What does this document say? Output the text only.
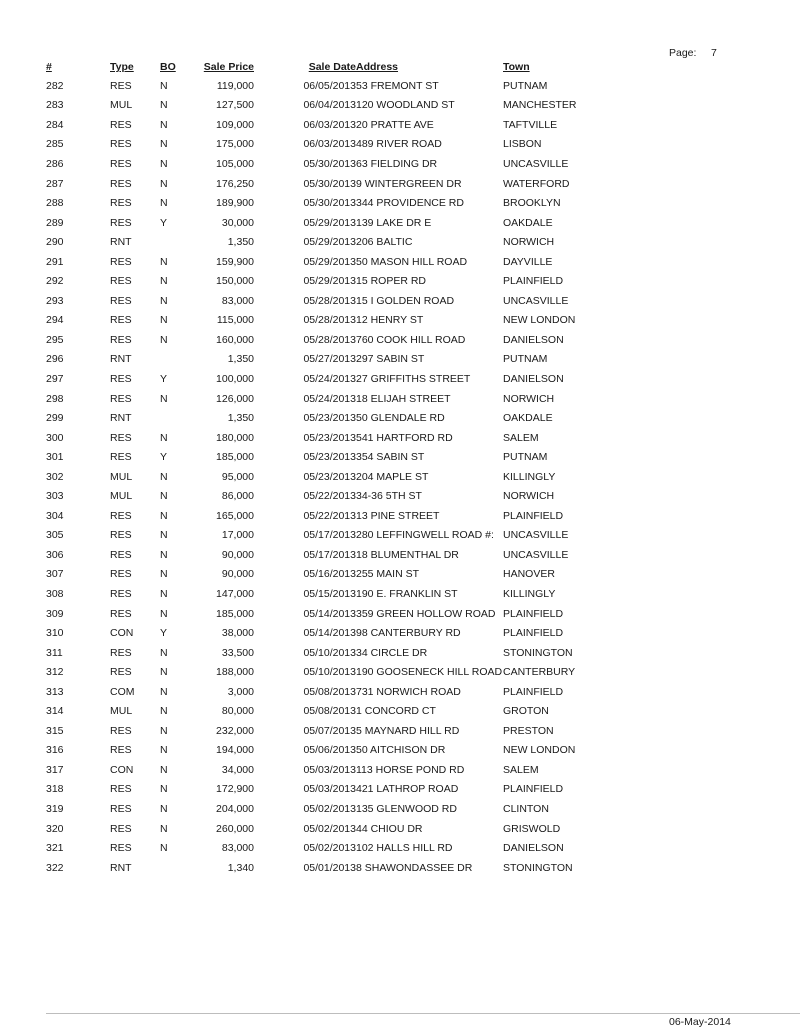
Page: 7
#	Type	BO	Sale Price	Sale Date	Address	Town
282	RES	N	119,000	06/05/2013	53 FREMONT ST	PUTNAM
283	MUL	N	127,500	06/04/2013	120 WOODLAND ST	MANCHESTER
284	RES	N	109,000	06/03/2013	20 PRATTE AVE	TAFTVILLE
285	RES	N	175,000	06/03/2013	489 RIVER ROAD	LISBON
286	RES	N	105,000	05/30/2013	63 FIELDING DR	UNCASVILLE
287	RES	N	176,250	05/30/2013	9 WINTERGREEN DR	WATERFORD
288	RES	N	189,900	05/30/2013	344 PROVIDENCE RD	BROOKLYN
289	RES	Y	30,000	05/29/2013	139 LAKE DR E	OAKDALE
290	RNT		1,350	05/29/2013	206 BALTIC	NORWICH
291	RES	N	159,900	05/29/2013	50 MASON HILL ROAD	DAYVILLE
292	RES	N	150,000	05/29/2013	15 ROPER RD	PLAINFIELD
293	RES	N	83,000	05/28/2013	15 I GOLDEN ROAD	UNCASVILLE
294	RES	N	115,000	05/28/2013	12 HENRY ST	NEW LONDON
295	RES	N	160,000	05/28/2013	760 COOK HILL ROAD	DANIELSON
296	RNT		1,350	05/27/2013	297 SABIN ST	PUTNAM
297	RES	Y	100,000	05/24/2013	27 GRIFFITHS STREET	DANIELSON
298	RES	N	126,000	05/24/2013	18 ELIJAH STREET	NORWICH
299	RNT		1,350	05/23/2013	50 GLENDALE RD	OAKDALE
300	RES	N	180,000	05/23/2013	541 HARTFORD RD	SALEM
301	RES	Y	185,000	05/23/2013	354 SABIN ST	PUTNAM
302	MUL	N	95,000	05/23/2013	204 MAPLE ST	KILLINGLY
303	MUL	N	86,000	05/22/2013	34-36 5TH ST	NORWICH
304	RES	N	165,000	05/22/2013	13 PINE STREET	PLAINFIELD
305	RES	N	17,000	05/17/2013	280 LEFFINGWELL ROAD #:	UNCASVILLE
306	RES	N	90,000	05/17/2013	18 BLUMENTHAL DR	UNCASVILLE
307	RES	N	90,000	05/16/2013	255 MAIN ST	HANOVER
308	RES	N	147,000	05/15/2013	190 E. FRANKLIN ST	KILLINGLY
309	RES	N	185,000	05/14/2013	359 GREEN HOLLOW ROAD	PLAINFIELD
310	CON	Y	38,000	05/14/2013	98 CANTERBURY RD	PLAINFIELD
311	RES	N	33,500	05/10/2013	34 CIRCLE DR	STONINGTON
312	RES	N	188,000	05/10/2013	190 GOOSENECK HILL ROAD	CANTERBURY
313	COM	N	3,000	05/08/2013	731 NORWICH ROAD	PLAINFIELD
314	MUL	N	80,000	05/08/2013	1 CONCORD CT	GROTON
315	RES	N	232,000	05/07/2013	5 MAYNARD HILL RD	PRESTON
316	RES	N	194,000	05/06/2013	50 AITCHISON DR	NEW LONDON
317	CON	N	34,000	05/03/2013	113 HORSE POND RD	SALEM
318	RES	N	172,900	05/03/2013	421 LATHROP ROAD	PLAINFIELD
319	RES	N	204,000	05/02/2013	135 GLENWOOD RD	CLINTON
320	RES	N	260,000	05/02/2013	44 CHIOU DR	GRISWOLD
321	RES	N	83,000	05/02/2013	102 HALLS HILL RD	DANIELSON
322	RNT		1,340	05/01/2013	8 SHAWONDASSEE DR	STONINGTON
06-May-2014
